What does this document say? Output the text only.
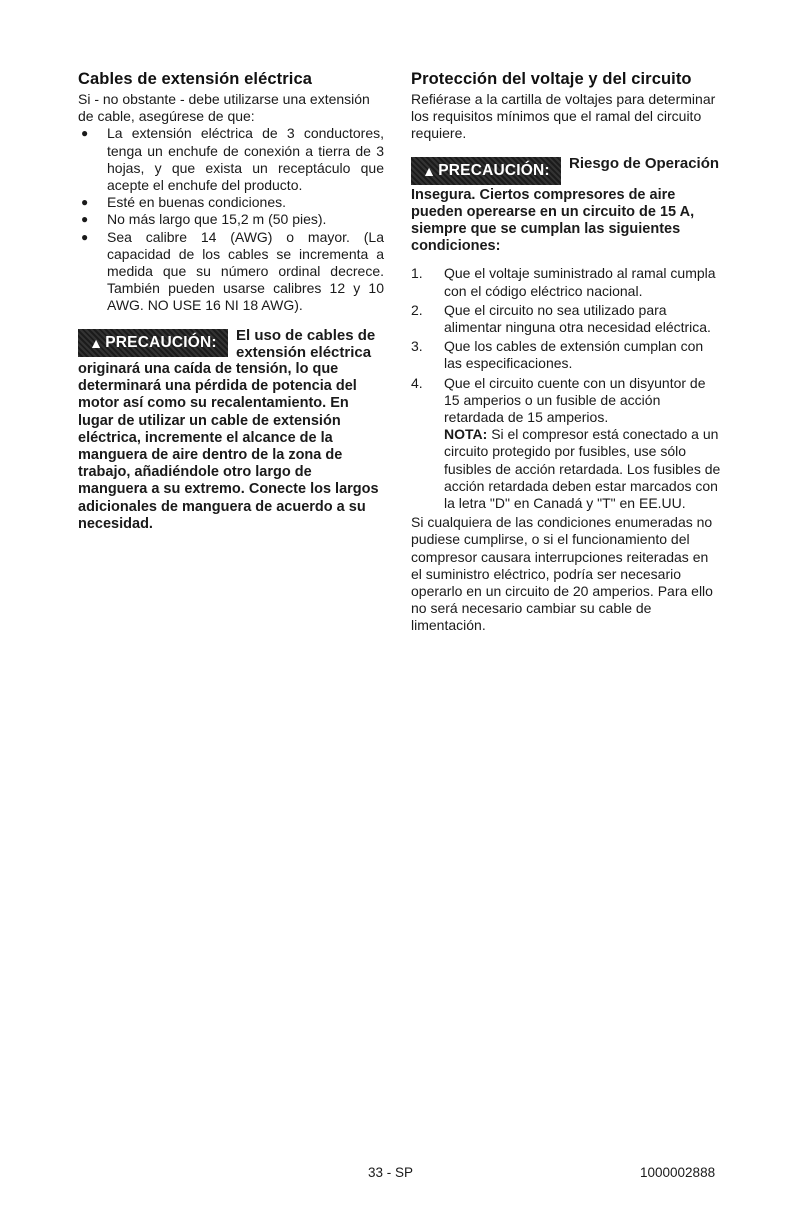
Cables de extensión eléctrica

Si - no obstante - debe utilizarse una extensión de cable, asegúrese de que:

● La extensión eléctrica de 3 conductores, tenga un enchufe de conexión a tierra de 3 hojas, y que exista un receptáculo que acepte el enchufe del producto.
● Esté en buenas condiciones.
● No más largo que 15,2 m (50 pies).
● Sea calibre 14 (AWG) o mayor. (La capacidad de los cables se incrementa a medida que su número ordinal decrece. También pueden usarse calibres 12 y 10 AWG. NO USE 16 NI 18 AWG).
▲ PRECAUCIÓN:	El uso de cables de extensión eléctrica
originará una caída de tensión, lo que determinará una pérdida de potencia del motor así como su recalentamiento. En lugar de utilizar un cable de extensión eléctrica, incremente el alcance de la manguera de aire dentro de la zona de trabajo, añadiéndole otro largo de manguera a su extremo. Conecte los largos adicionales de manguera de acuerdo a su necesidad.
Protección del voltaje y del circuito

Refiérase a la cartilla de voltajes para determinar los requisitos mínimos que el ramal del circuito requiere.

▲ PRECAUCIÓN:	Riesgo de Operación
Insegura. Ciertos compresores de aire pueden operearse en un circuito de 15 A, siempre que se cumplan las siguientes condiciones:
1. Que el voltaje suministrado al ramal cumpla con el código eléctrico nacional.
2. Que el circuito no sea utilizado para alimentar ninguna otra necesidad eléctrica.
3. Que los cables de extensión cumplan con las especificaciones.
4. Que el circuito cuente con un disyuntor de 15 amperios o un fusible de acción retardada de 15 amperios.
NOTA: Si el compresor está conectado a un circuito protegido por fusibles, use sólo fusibles de acción retardada. Los fusibles de acción retardada deben estar marcados con la letra "D" en Canadá y "T" en EE.UU.

Si cualquiera de las condiciones enumeradas no pudiese cumplirse, o si el funcionamiento del compresor causara interrupciones reiteradas en el suministro eléctrico, podría ser necesario operarlo en un circuito de 20 amperios. Para ello no será necesario cambiar su cable de limentación.

33 - SP	1000002888
